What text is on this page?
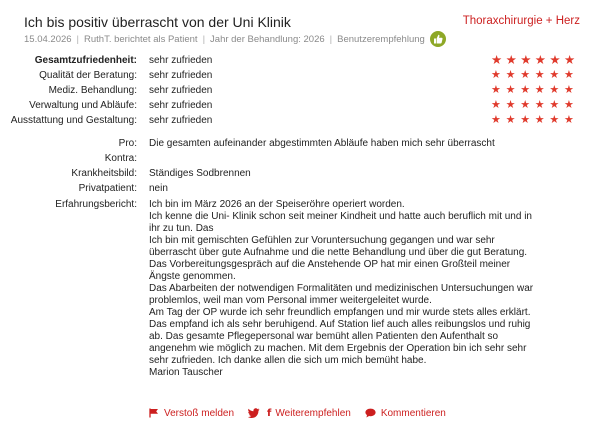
Ich bis positiv überrascht von der Uni Klinik	Thoraxchirurgie + Herz
15.04.2026 | RuthT. berichtet als Patient | Jahr der Behandlung: 2026 | Benutzerempfehlung
Gesamtzufriedenheit: sehr zufrieden	★ ★ ★ ★ ★ ★
Qualität der Beratung: sehr zufrieden	★ ★ ★ ★ ★ ★
Mediz. Behandlung: sehr zufrieden	★ ★ ★ ★ ★ ★
Verwaltung und Abläufe: sehr zufrieden	★ ★ ★ ★ ★ ★
Ausstattung und Gestaltung: sehr zufrieden	★ ★ ★ ★ ★ ★
Pro: Die gesamten aufeinander abgestimmten Abläufe haben mich sehr überrascht
Kontra:
Krankheitsbild: Ständiges Sodbrennen
Privatpatient: nein
Erfahrungsbericht: Ich bin im März 2026 an der Speiseröhre operiert worden.
Ich kenne die Uni- Klinik schon seit meiner Kindheit und hatte auch beruflich mit und in
ihr zu tun. Das
Ich bin mit gemischten Gefühlen zur Voruntersuchung gegangen und war sehr
überrascht über gute Aufnahme und die nette Behandlung und über die gut Beratung.
Das Vorbereitungsgespräch auf die Anstehende OP hat mir einen Großteil meiner
Ängste genommen.
Das Abarbeiten der notwendigen Formalitäten und medizinischen Untersuchungen war
problemlos, weil man vom Personal immer weitergeleitet wurde.
Am Tag der OP wurde ich sehr freundlich empfangen und mir wurde stets alles erklärt.
Das empfand ich als sehr beruhigend. Auf Station lief auch alles reibungslos und ruhig
ab. Das gesamte Pflegepersonal war bemüht allen Patienten den Aufenthalt so
angenehm wie möglich zu machen. Mit dem Ergebnis der Operation bin ich sehr sehr
sehr zufrieden. Ich danke allen die sich um mich bemüht habe.
Marion Tauscher
Verstoß melden	f Weiterempfehlen	Kommentieren
